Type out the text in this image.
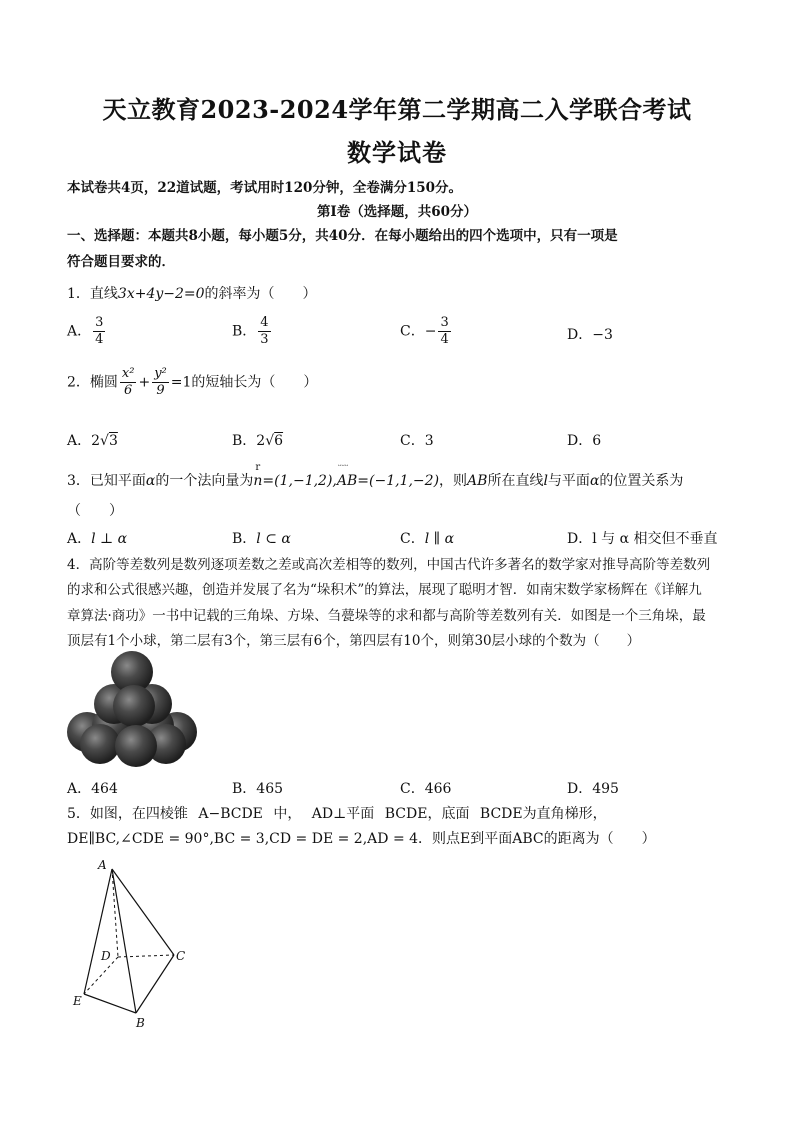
天立教育2023-2024学年第二学期高二入学联合考试
数学试卷
本试卷共4页，22道试题，考试用时120分钟，全卷满分150分。
第Ⅰ卷（选择题，共60分）
一、选择题：本题共8小题，每小题5分，共40分．在每小题给出的四个选项中，只有一项是
符合题目要求的．
1．直线3x+4y−2=0的斜率为（　　）
A． $\frac{3}{4}$	B． $\frac{4}{3}$	C．− $\frac{3}{4}$	D．−3
2．椭圆 $\frac{\text{x²}}{6} + \frac{\text{y²}}{9} =1$的短轴长为（　　）
A．2√3	B．2√6	C．3	D．6
3．已知平面α的一个法向量为n
r
=(1,−1,2),AB
ᵕᵕᵕ
=(−1,1,−2)，则AB所在直线l与平面α的位置关系为
（　　）
A．l ⊥ α	B．l ⊂ α	C．l ∥ α	D．l 与 α 相交但不垂直
4．高阶等差数列是数列逐项差数之差或高次差相等的数列，中国古代许多著名的数学家对推导高阶等差数列
的求和公式很感兴趣，创造并发展了名为“垛积术”的算法，展现了聪明才智．如南宋数学家杨辉在《详解九
章算法·商功》一书中记载的三角垛、方垛、刍甍垛等的求和都与高阶等差数列有关．如图是一个三角垛，最
顶层有1个小球，第二层有3个，第三层有6个，第四层有10个，则第30层小球的个数为（　　）
A．464	B．465	C．466	D．495
5．如图，在四棱锥 A−BCDE 中， AD⊥平面 BCDE，底面 BCDE为直角梯形，
DE∥BC,∠CDE = 90°,BC = 3,CD = DE = 2,AD = 4．则点E到平面ABC的距离为（　　）
A
D	C
E
B
